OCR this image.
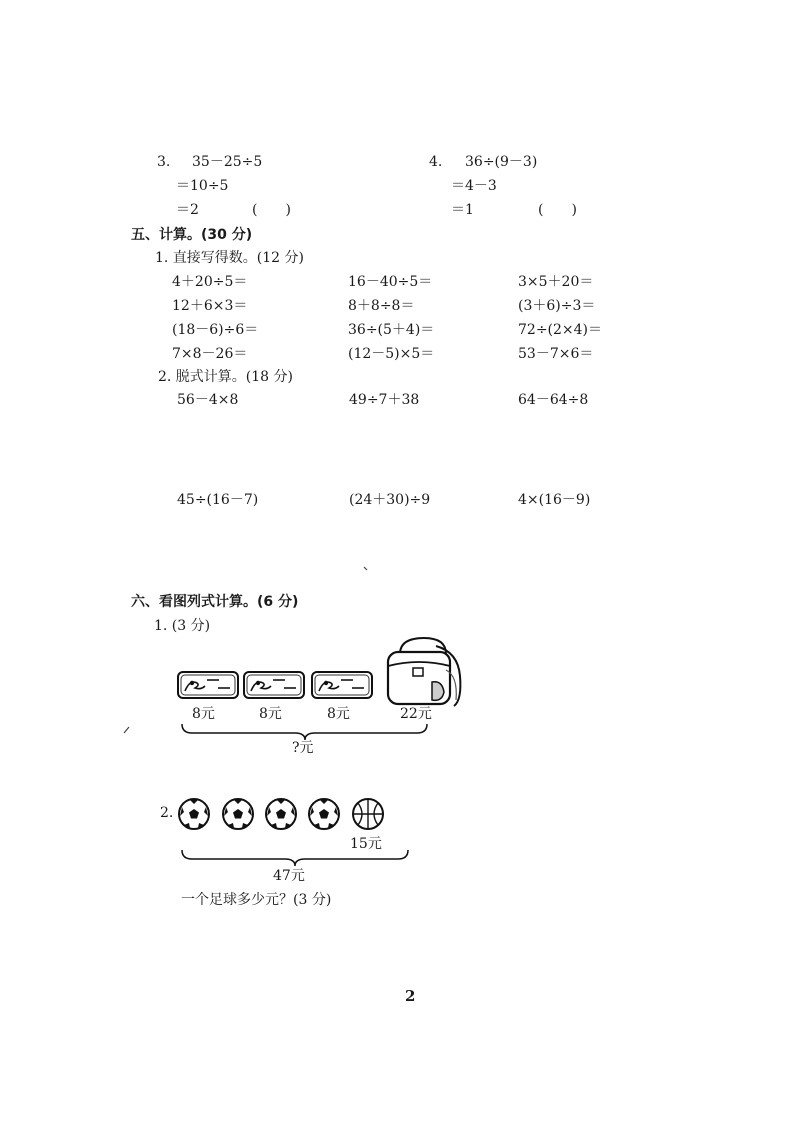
3. 35－25÷5
＝10÷5
＝2	(　　)
4. 36÷(9－3)
＝4－3
＝1	(　　)
五、计算。(30 分)
1. 直接写得数。(12 分)
4＋20÷5＝	16－40÷5＝	3×5＋20＝
12＋6×3＝	8＋8÷8＝	(3＋6)÷3＝
(18－6)÷6＝	36÷(5＋4)＝	72÷(2×4)＝
7×8－26＝	(12－5)×5＝	53－7×6＝
2. 脱式计算。(18 分)
56－4×8	49÷7＋38	64－64÷8
45÷(16－7)	(24＋30)÷9	4×(16－9)
六、看图列式计算。(6 分)
1. (3 分)
8元	8元	8元	22元
?元
2.
15元
47元
一个足球多少元？(3 分)
2
